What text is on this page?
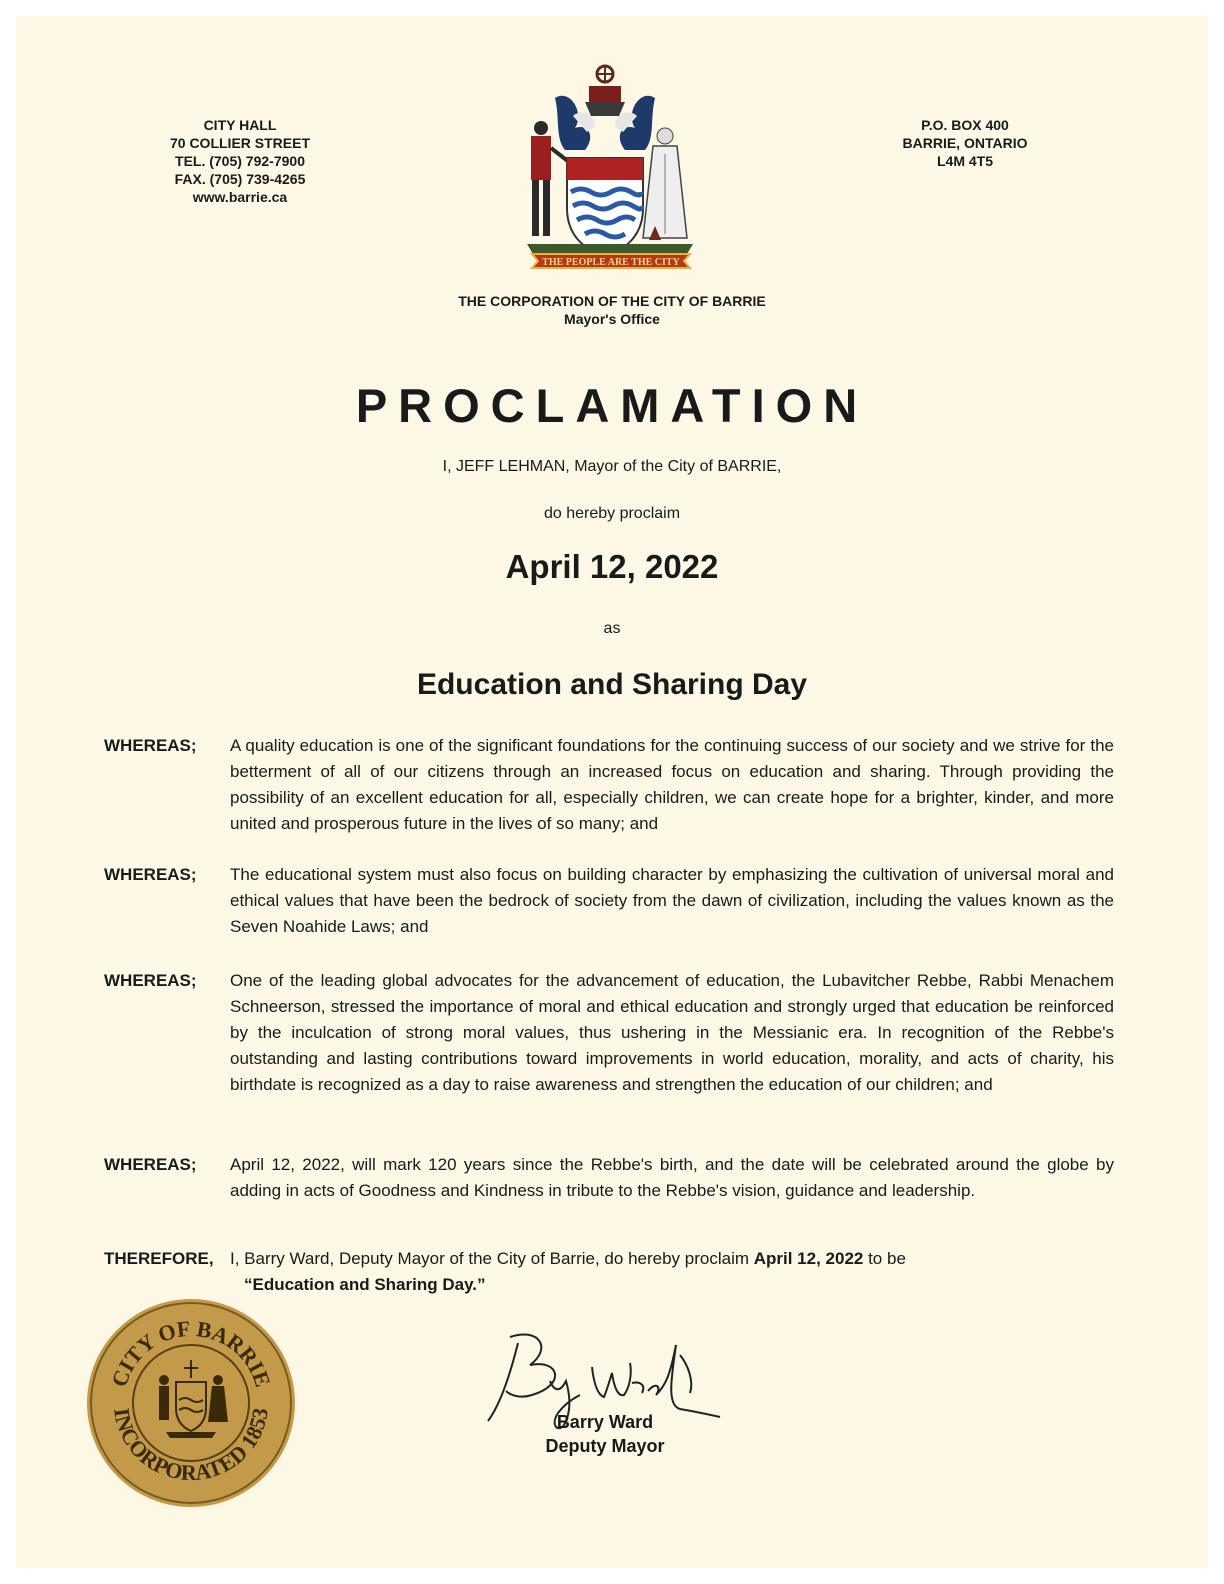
CITY HALL
70 COLLIER STREET
TEL. (705) 792-7900
FAX. (705) 739-4265
www.barrie.ca
P.O. BOX 400
BARRIE, ONTARIO
L4M 4T5
THE PEOPLE ARE THE CITY
THE CORPORATION OF THE CITY OF BARRIE
Mayor's Office
PROCLAMATION
I, JEFF LEHMAN, Mayor of the City of BARRIE,
do hereby proclaim
April 12, 2022
as
Education and Sharing Day
WHEREAS;	A quality education is one of the significant foundations for the continuing success of our society and we strive for the betterment of all of our citizens through an increased focus on education and sharing. Through providing the possibility of an excellent education for all, especially children, we can create hope for a brighter, kinder, and more united and prosperous future in the lives of so many; and
WHEREAS;	The educational system must also focus on building character by emphasizing the cultivation of universal moral and ethical values that have been the bedrock of society from the dawn of civilization, including the values known as the Seven Noahide Laws; and
WHEREAS;	One of the leading global advocates for the advancement of education, the Lubavitcher Rebbe, Rabbi Menachem Schneerson, stressed the importance of moral and ethical education and strongly urged that education be reinforced by the inculcation of strong moral values, thus ushering in the Messianic era. In recognition of the Rebbe's outstanding and lasting contributions toward improvements in world education, morality, and acts of charity, his birthdate is recognized as a day to raise awareness and strengthen the education of our children; and
WHEREAS;	April 12, 2022, will mark 120 years since the Rebbe's birth, and the date will be celebrated around the globe by adding in acts of Goodness and Kindness in tribute to the Rebbe's vision, guidance and leadership.
THEREFORE, I, Barry Ward, Deputy Mayor of the City of Barrie, do hereby proclaim April 12, 2022 to be
“Education and Sharing Day.”
CITY OF BARRIE
INCORPORATED 1853	Barry Ward
Deputy Mayor
